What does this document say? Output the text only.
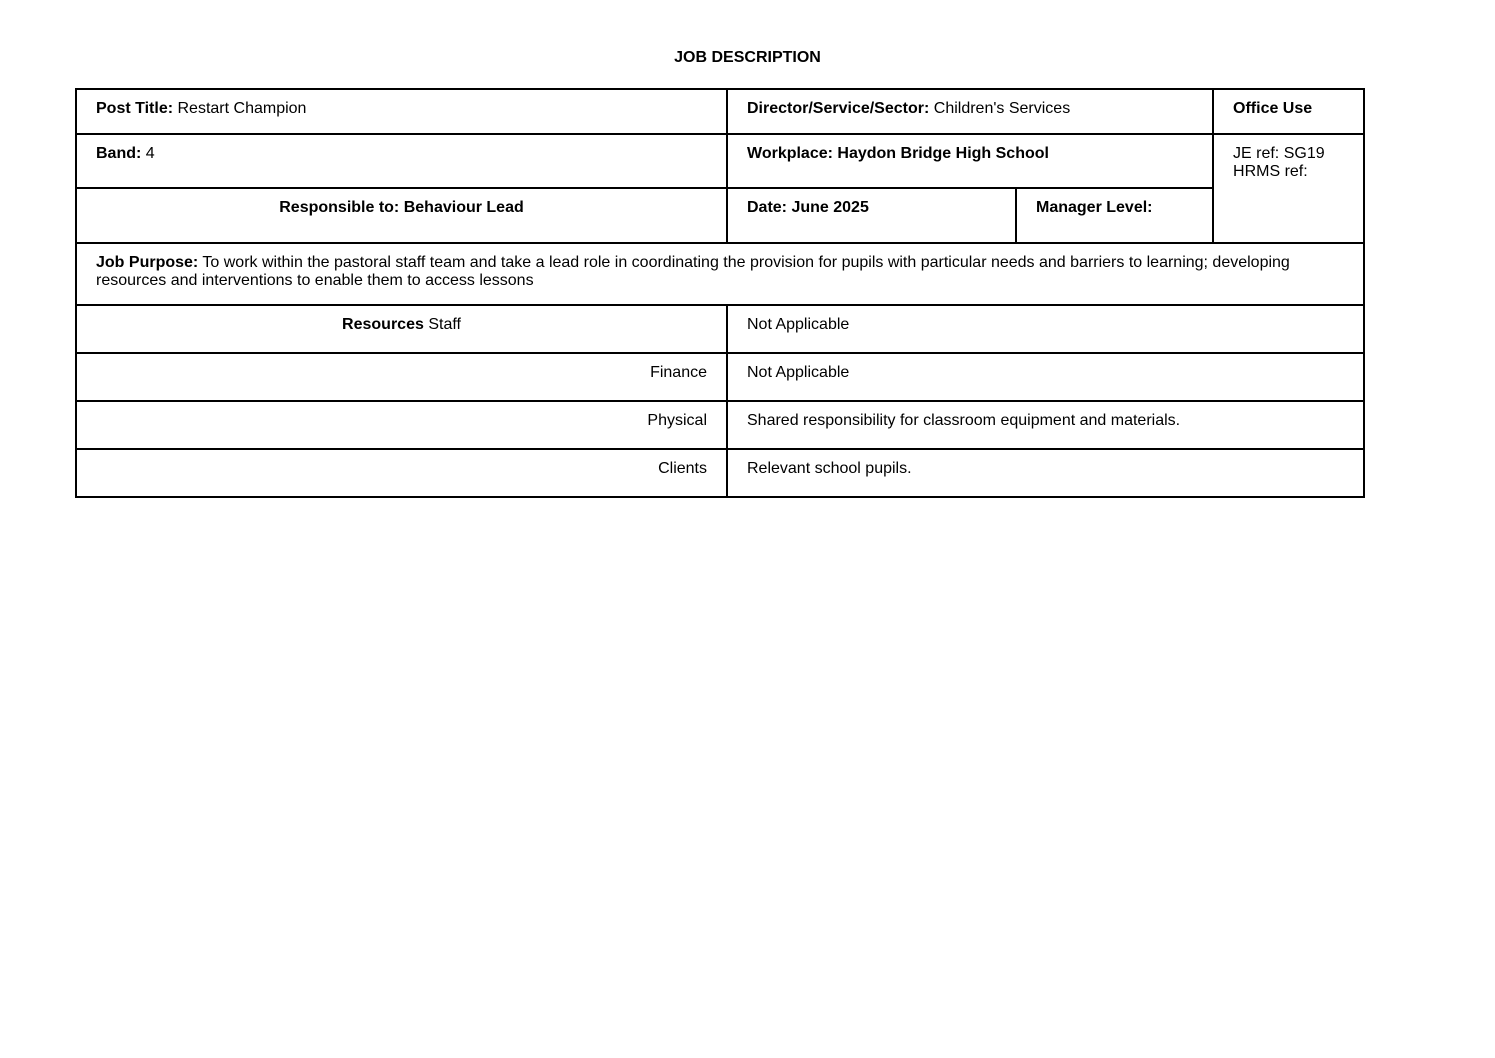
JOB DESCRIPTION
Post Title: Restart Champion	Director/Service/Sector: Children's Services		Office Use
Band: 4	Workplace: Haydon Bridge High School		JE ref: SG19
HRMS ref:

Responsible to: Behaviour Lead	Date: June 2025	Manager Level:	
Job Purpose: To work within the pastoral staff team and take a lead role in coordinating the provision for pupils with particular needs and barriers to learning; developing resources and interventions to enable them to access lessons			
Resources Staff	Not Applicable		
Finance	Not Applicable		
Physical	Shared responsibility for classroom equipment and materials.		
Clients	Relevant school pupils.		
